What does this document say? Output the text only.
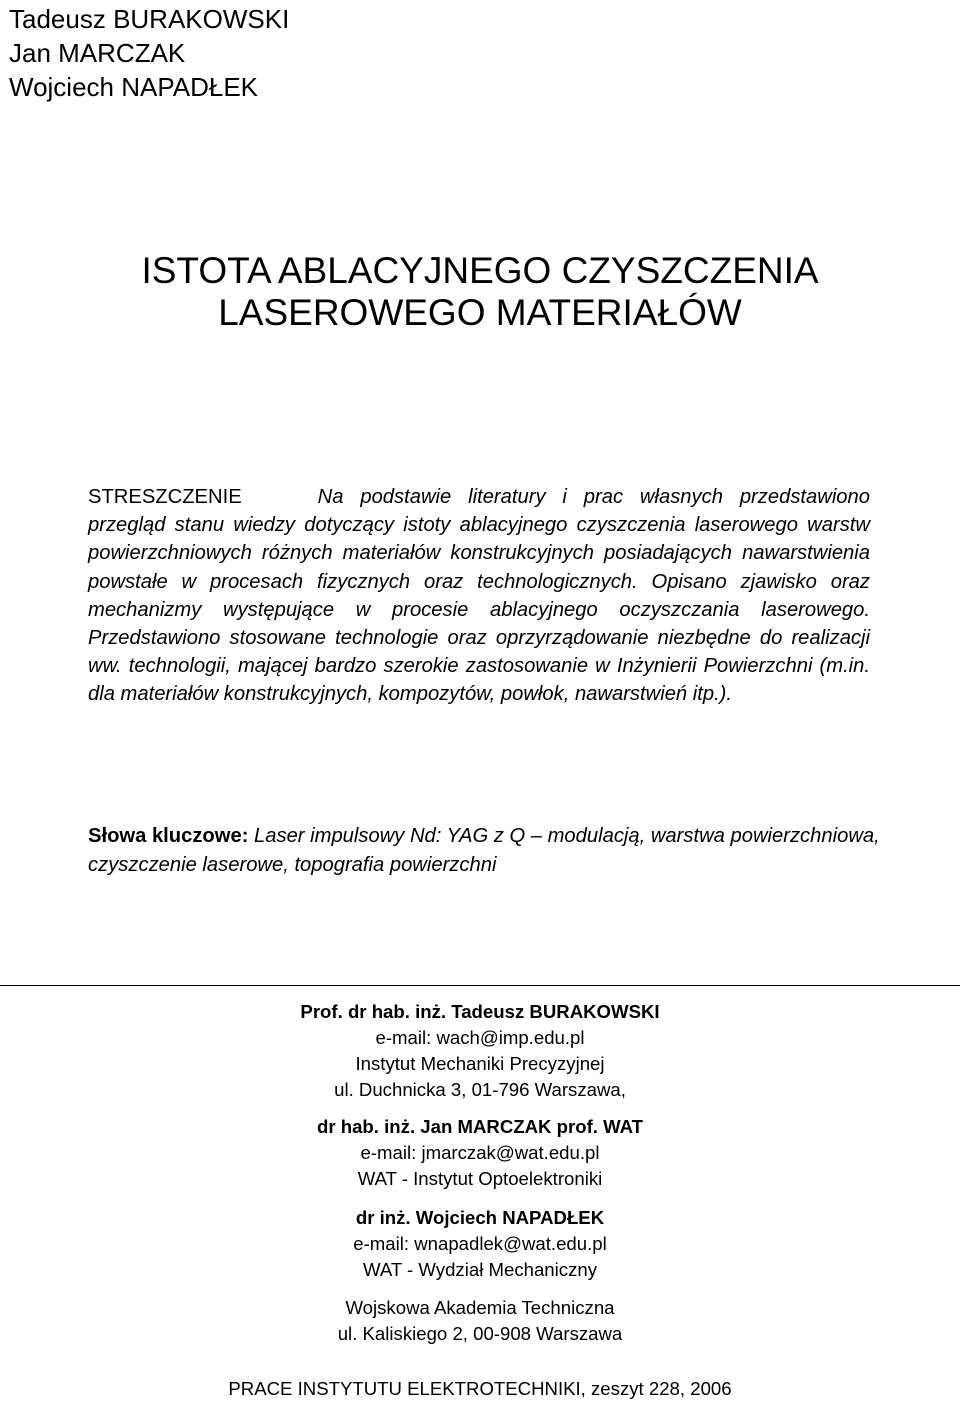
Tadeusz BURAKOWSKI
Jan MARCZAK
Wojciech NAPADŁEK
ISTOTA ABLACYJNEGO CZYSZCZENIA
LASEROWEGO MATERIAŁÓW
STRESZCZENIE	Na podstawie literatury i prac własnych przedstawiono przegląd stanu wiedzy dotyczący istoty ablacyjnego czyszczenia laserowego warstw powierzchniowych różnych materiałów konstrukcyjnych posiadających nawarstwienia powstałe w procesach fizycznych oraz technologicznych. Opisano zjawisko oraz mechanizmy występujące w procesie ablacyjnego oczyszczania laserowego. Przedstawiono stosowane technologie oraz oprzyrządowanie niezbędne do realizacji ww. technologii, mającej bardzo szerokie zastosowanie w Inżynierii Powierzchni (m.in. dla materiałów konstrukcyjnych, kompozytów, powłok, nawarstwień itp.).
Słowa kluczowe: Laser impulsowy Nd: YAG z Q – modulacją, warstwa powierzchniowa, czyszczenie laserowe, topografia powierzchni
Prof. dr hab. inż. Tadeusz BURAKOWSKI
e-mail: wach@imp.edu.pl
Instytut Mechaniki Precyzyjnej
ul. Duchnicka 3, 01-796 Warszawa,
dr hab. inż. Jan MARCZAK prof. WAT
e-mail: jmarczak@wat.edu.pl
WAT - Instytut Optoelektroniki
dr inż. Wojciech NAPADŁEK
e-mail: wnapadlek@wat.edu.pl
WAT - Wydział Mechaniczny
Wojskowa Akademia Techniczna
ul. Kaliskiego 2, 00-908 Warszawa
PRACE INSTYTUTU ELEKTROTECHNIKI, zeszyt 228, 2006
